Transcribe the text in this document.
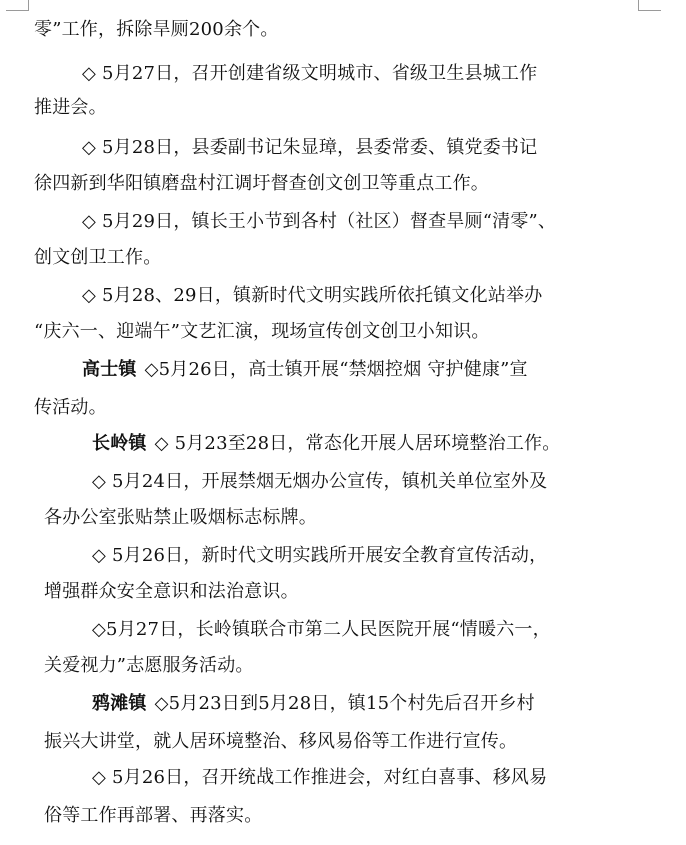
零”工作，拆除旱厕200余个。
◇ 5月27日，召开创建省级文明城市、省级卫生县城工作
推进会。
◇ 5月28日，县委副书记朱显璋，县委常委、镇党委书记
徐四新到华阳镇磨盘村江调圩督查创文创卫等重点工作。
◇ 5月29日，镇长王小节到各村（社区）督查旱厕“清零”、
创文创卫工作。
◇ 5月28、29日，镇新时代文明实践所依托镇文化站举办
“庆六一、迎端午”文艺汇演，现场宣传创文创卫小知识。
高士镇 ◇5月26日，高士镇开展“禁烟控烟 守护健康”宣
传活动。
长岭镇 ◇ 5月23至28日，常态化开展人居环境整治工作。
◇ 5月24日，开展禁烟无烟办公宣传，镇机关单位室外及
各办公室张贴禁止吸烟标志标牌。
◇ 5月26日，新时代文明实践所开展安全教育宣传活动，
增强群众安全意识和法治意识。
◇5月27日，长岭镇联合市第二人民医院开展“情暖六一，
关爱视力”志愿服务活动。
鸦滩镇 ◇5月23日到5月28日，镇15个村先后召开乡村
振兴大讲堂，就人居环境整治、移风易俗等工作进行宣传。
◇ 5月26日，召开统战工作推进会，对红白喜事、移风易
俗等工作再部署、再落实。
